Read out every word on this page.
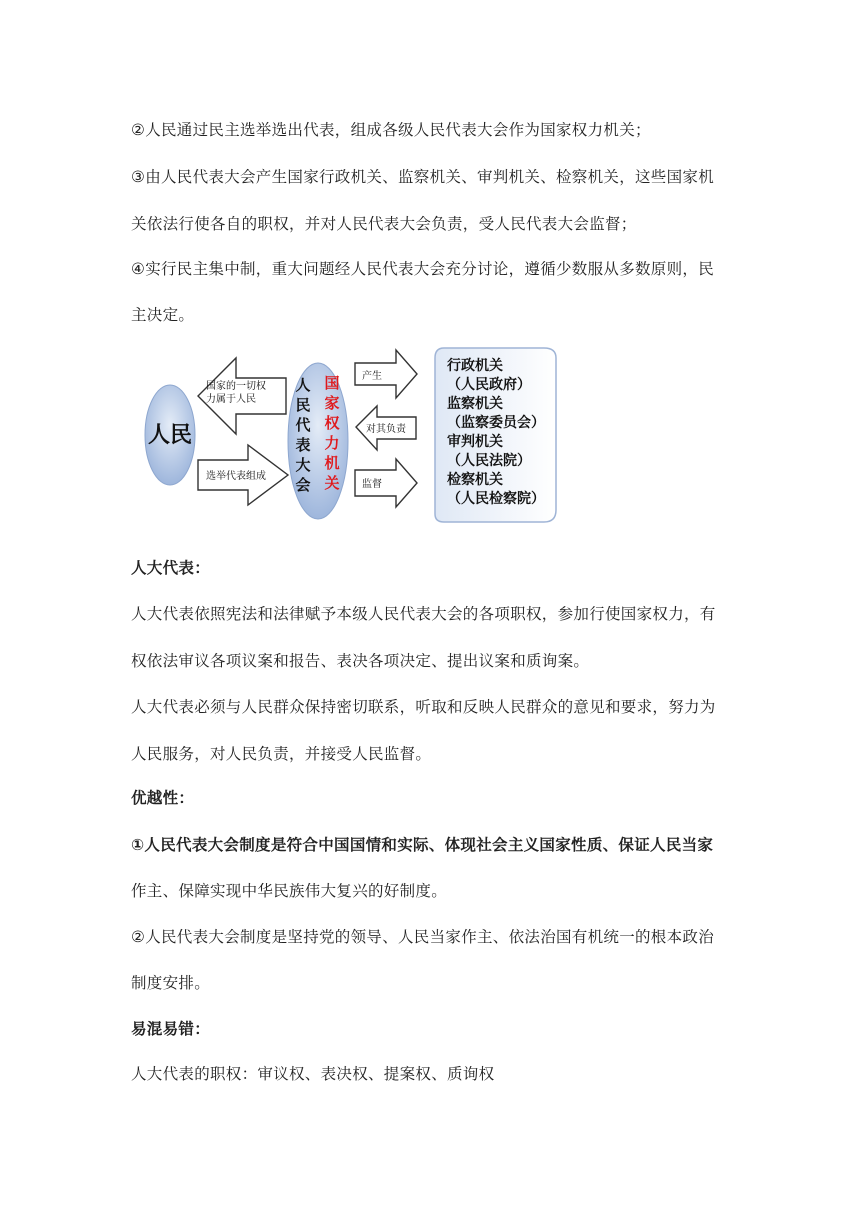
②人民通过民主选举选出代表，组成各级人民代表大会作为国家权力机关；
③由人民代表大会产生国家行政机关、监察机关、审判机关、检察机关，这些国家机
关依法行使各自的职权，并对人民代表大会负责，受人民代表大会监督；
④实行民主集中制，重大问题经人民代表大会充分讨论，遵循少数服从多数原则，民
主决定。
人民
国家的一切权
力属于人民
选举代表组成
人
民
代
表
大
会
国
家
权
力
机
关
产生
对其负责
监督
行政机关
（人民政府）
监察机关
（监察委员会）
审判机关
（人民法院）
检察机关
（人民检察院）
人大代表：
人大代表依照宪法和法律赋予本级人民代表大会的各项职权，参加行使国家权力，有
权依法审议各项议案和报告、表决各项决定、提出议案和质询案。
人大代表必须与人民群众保持密切联系，听取和反映人民群众的意见和要求，努力为
人民服务，对人民负责，并接受人民监督。
优越性：
①人民代表大会制度是符合中国国情和实际、体现社会主义国家性质、保证人民当家
作主、保障实现中华民族伟大复兴的好制度。
②人民代表大会制度是坚持党的领导、人民当家作主、依法治国有机统一的根本政治
制度安排。
易混易错：
人大代表的职权：审议权、表决权、提案权、质询权
